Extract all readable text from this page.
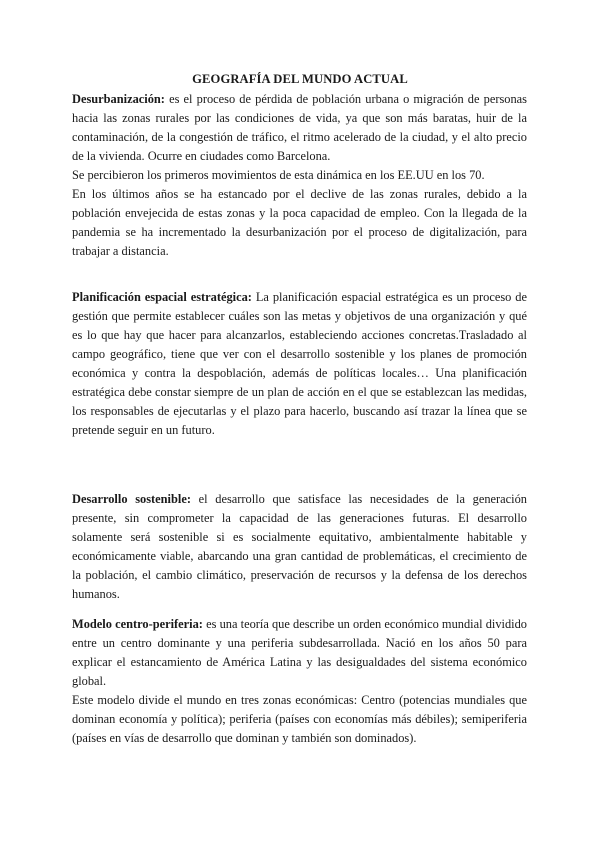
GEOGRAFÍA DEL MUNDO ACTUAL

Desurbanización: es el proceso de pérdida de población urbana o migración de personas hacia las zonas rurales por las condiciones de vida, ya que son más baratas, huir de la contaminación, de la congestión de tráfico, el ritmo acelerado de la ciudad, y el alto precio de la vivienda. Ocurre en ciudades como Barcelona.

Se percibieron los primeros movimientos de esta dinámica en los EE.UU en los 70.

En los últimos años se ha estancado por el declive de las zonas rurales, debido a la población envejecida de estas zonas y la poca capacidad de empleo. Con la llegada de la pandemia se ha incrementado la desurbanización por el proceso de digitalización, para trabajar a distancia.

Planificación espacial estratégica: La planificación espacial estratégica es un proceso de gestión que permite establecer cuáles son las metas y objetivos de una organización y qué es lo que hay que hacer para alcanzarlos, estableciendo acciones concretas.Trasladado al campo geográfico, tiene que ver con el desarrollo sostenible y los planes de promoción económica y contra la despoblación, además de políticas locales… Una planificación estratégica debe constar siempre de un plan de acción en el que se establezcan las medidas, los responsables de ejecutarlas y el plazo para hacerlo, buscando así trazar la línea que se pretende seguir en un futuro.

Desarrollo sostenible: el desarrollo que satisface las necesidades de la generación presente, sin comprometer la capacidad de las generaciones futuras. El desarrollo solamente será sostenible si es socialmente equitativo, ambientalmente habitable y económicamente viable, abarcando una gran cantidad de problemáticas, el crecimiento de la población, el cambio climático, preservación de recursos y la defensa de los derechos humanos.

Modelo centro-periferia: es una teoría que describe un orden económico mundial dividido entre un centro dominante y una periferia subdesarrollada. Nació en los años 50 para explicar el estancamiento de América Latina y las desigualdades del sistema económico global.

Este modelo divide el mundo en tres zonas económicas: Centro (potencias mundiales que dominan economía y política); periferia (países con economías más débiles); semiperiferia (países en vías de desarrollo que dominan y también son dominados).
